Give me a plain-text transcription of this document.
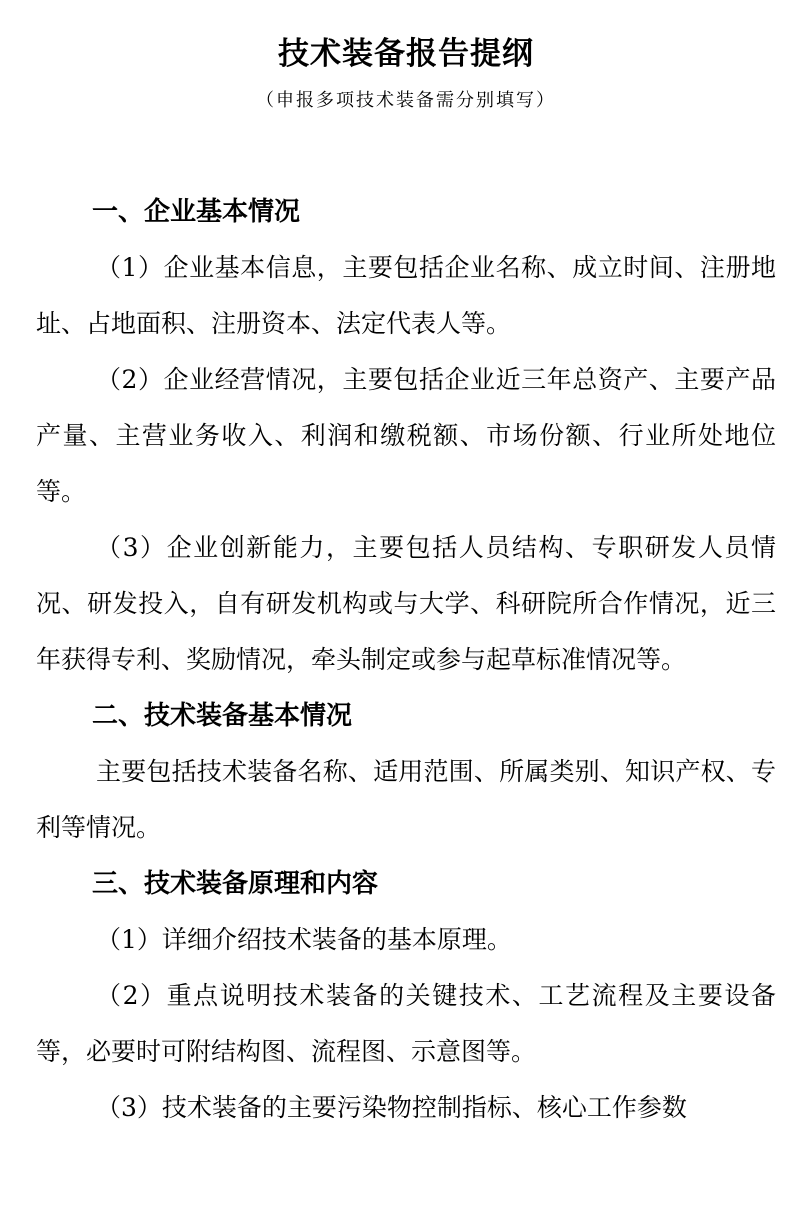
技术装备报告提纲
（申报多项技术装备需分别填写）
一、企业基本情况

（1）企业基本信息，主要包括企业名称、成立时间、注册地址、占地面积、注册资本、法定代表人等。

（2）企业经营情况，主要包括企业近三年总资产、主要产品产量、主营业务收入、利润和缴税额、市场份额、行业所处地位等。

（3）企业创新能力，主要包括人员结构、专职研发人员情况、研发投入，自有研发机构或与大学、科研院所合作情况，近三年获得专利、奖励情况，牵头制定或参与起草标准情况等。

二、技术装备基本情况

主要包括技术装备名称、适用范围、所属类别、知识产权、专利等情况。

三、技术装备原理和内容

（1）详细介绍技术装备的基本原理。

（2）重点说明技术装备的关键技术、工艺流程及主要设备等，必要时可附结构图、流程图、示意图等。

（3）技术装备的主要污染物控制指标、核心工作参数
